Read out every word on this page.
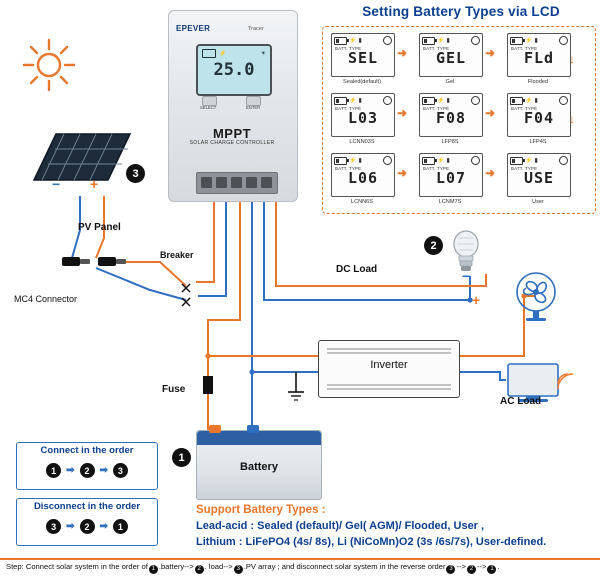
Setting Battery Types via LCD
⚡ ▮
BATT. TYPE
SEL
Sealed(default)
➜
⚡ ▮
BATT. TYPE
GEL
Gel
➜
⚡ ▮
BATT. TYPE
FLd
Flooded
↓
⚡ ▮
BATT. TYPE
L03
LCNN03S
➜
⚡ ▮
BATT. TYPE
F08
LFP8S
➜
⚡ ▮
BATT. TYPE
F04
LFP4S
↓
⚡ ▮
BATT. TYPE
L06
LCNN6S
➜
⚡ ▮
BATT. TYPE
L07
LCNM7S
➜
⚡ ▮
BATT. TYPE
USE
User
EPEVER	Tracer
⚡	☀
25.0
SELECT	ENTER
MPPT
SOLAR CHARGE CONTROLLER
− +
PV Panel
3
MC4 Connector
Breaker
Fuse
2
DC Load	−
+
AC Load
Inverter
Battery
1
Connect in the order
1	➡	2	➡	3
Disconnect in the order
3	➡	2	➡	1
Support Battery Types :
Lead-acid : Sealed (default)/ Gel( AGM)/ Flooded, User ,
Lithium : LiFePO4 (4s/ 8s), Li (NiCoMn)O2 (3s /6s/7s), User-defined.
Step: Connect solar system in the order of 1 .battery--> 2 . load--> 3 .PV array ; and disconnect solar system in the reverse order 3 --> 2 --> 1 .
